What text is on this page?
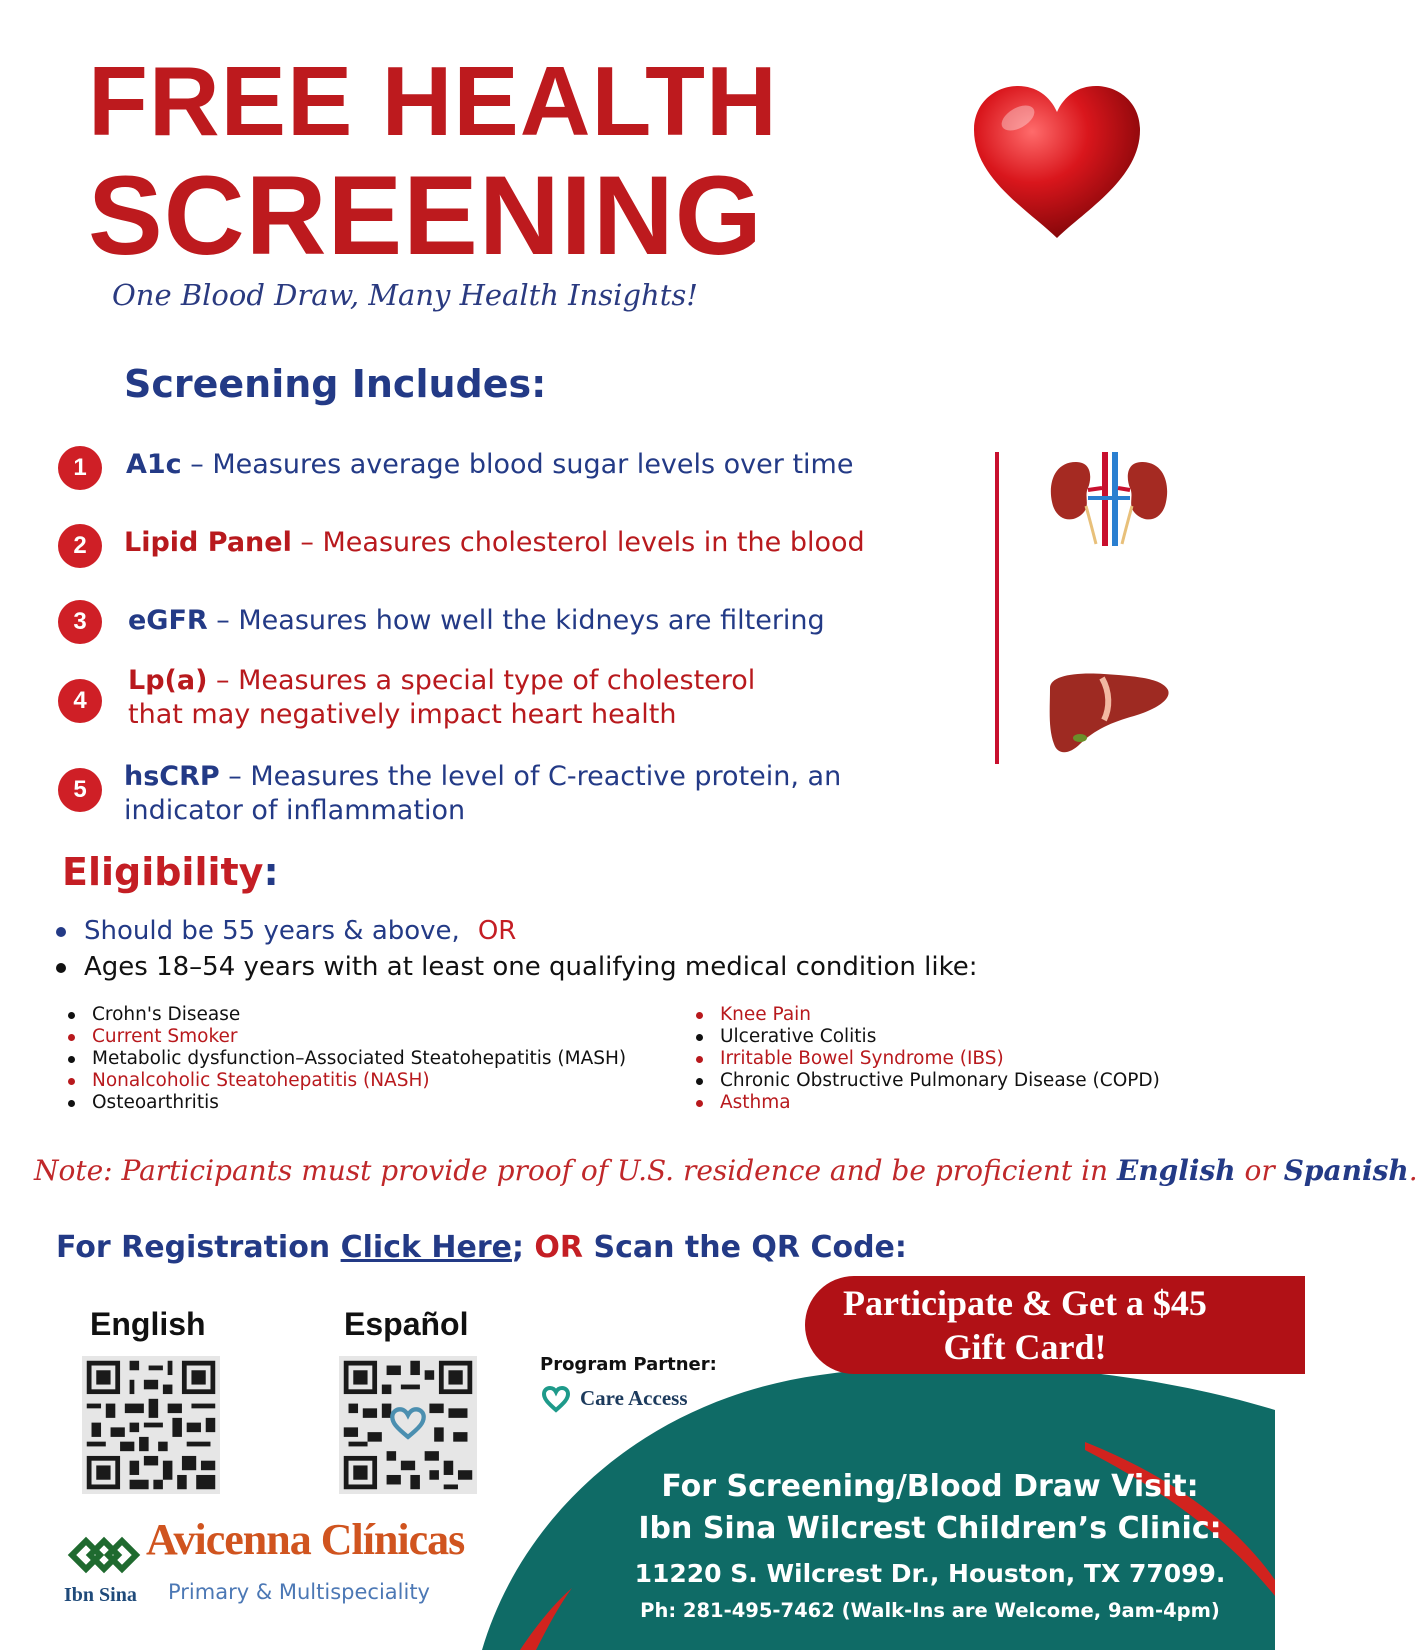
FREE HEALTH
SCREENING
One Blood Draw, Many Health Insights!
Screening Includes:
1	A1c – Measures average blood sugar levels over time
2	Lipid Panel – Measures cholesterol levels in the blood
3	eGFR – Measures how well the kidneys are filtering
4
Lp(a) – Measures a special type of cholesterol
that may negatively impact heart health
5	hsCRP – Measures the level of C-reactive protein, an
indicator of inflammation
Eligibility:
Should be 55 years & above, OR
Ages 18–54 years with at least one qualifying medical condition like:
Crohn's Disease
Current Smoker
Metabolic dysfunction–Associated Steatohepatitis (MASH)
Nonalcoholic Steatohepatitis (NASH)
Osteoarthritis
Knee Pain
Ulcerative Colitis
Irritable Bowel Syndrome (IBS)
Chronic Obstructive Pulmonary Disease (COPD)
Asthma
Note: Participants must provide proof of U.S. residence and be proficient in English or Spanish.
For Registration Click Here; OR Scan the QR Code:
English	Español
Program Partner:
Care Access
Participate & Get a $45
Gift Card!
For Screening/Blood Draw Visit:
Ibn Sina Wilcrest Children’s Clinic:
11220 S. Wilcrest Dr., Houston, TX 77099.
Ph: 281-495-7462 (Walk-Ins are Welcome, 9am-4pm)
Ibn Sina
Avicenna Clínicas
Primary & Multispeciality
